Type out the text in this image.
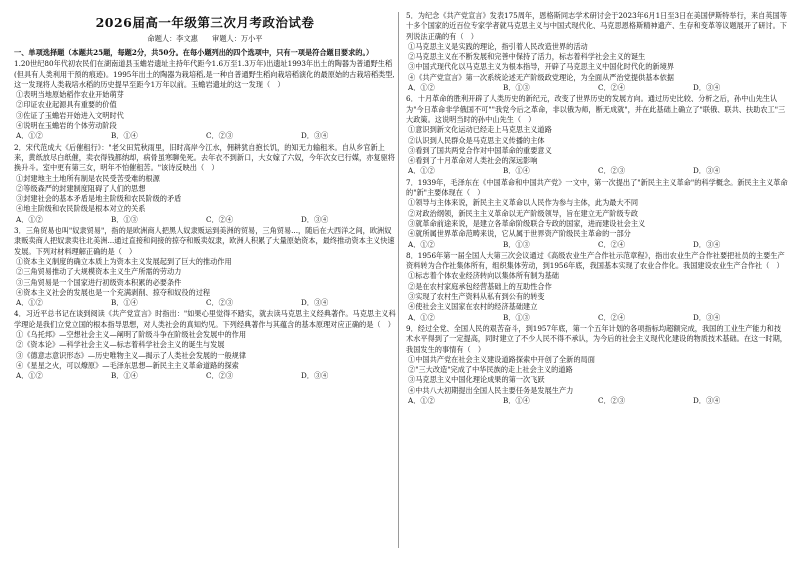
2026届高一年级第三次月考政治试卷
命题人：李文惠 审题人：万小平
一、单项选择题（本题共25题，每题2分，共50分。在每小题列出的四个选项中，只有一项是符合题目要求的。）

1.20世纪80年代初农民们在湖南道县玉蟾岩遗址主持年代距今1.6万至1.3万年)出遗址1993年出土的陶器为普通野生稻(但具有人类利用干预的痕迹)。1995年出土的陶器为栽培稻,是一种自普通野生稻向栽培稻演化的最原始的古栽培稻类型,这一发现将人类栽培水稻的历史提早至距今1万年以前。玉蟾岩遗址的这一发现（　）

①表明当地原始稻作农业开始萌芽

②印证农业起源具有重要的价值

③佐证了玉蟾岩开始进入文明时代

④说明在玉蟾岩的个体劳动阶段

A．①②	B．①④	C．②③	D．③④

2．宋代范成大《后催租行》："老父田荒秋雨里，旧时高岸今江水，佣耕犹自抱长饥，的知无力输租米。自从乡官新上来，黄纸放尽白纸催，卖衣得钱都纳却，病骨虽寒聊免死。去年衣不到新口，大女嫁了六奴，今年次女已行媒，亦复驱将换升斗。室中更有第三女，明年不怕催租苦。"该诗反映出（　）

①封建地主土地所有制是农民受苦受难的根源

②等级森严的封建制度阻碍了人们的思想

③封建社会的基本矛盾是地主阶级和农民阶级的矛盾

④地主阶级和农民阶级是根本对立的关系

A．①②	B．①③	C．②④	D．③④

3．三角贸易也叫"奴隶贸易"，指的是欧洲商人把黑人奴隶贩运到美洲的贸易，三角贸易...，随后在大西洋之间，欧洲奴隶贩卖商人把奴隶卖往北美洲...通过直接和间接的掠夺和贩卖奴隶，欧洲人积累了大量原始资本，最终推动资本主义快速发展。下列对材料理解正确的是（　）

①资本主义制度的确立本质上为资本主义发展起到了巨大的推动作用

②三角贸易推动了大规模资本主义生产所需的劳动力

③三角贸易是一个国家进行初级资本积累的必要条件

④资本主义社会的发展也是一个充满剥削、掠夺和奴役的过程

A．①②	B．①④	C．②③	D．③④

4．习近平总书记在谈到阅读《共产党宣言》时指出："如果心里觉得不踏实，就去读马克思主义经典著作。马克思主义科学理论是我们立党立国的根本指导思想，对人类社会的真知灼见。下列经典著作与其蕴含的基本原理对应正确的是（　）

①《乌托邦》—空想社会主义—阐明了阶级斗争在阶级社会发展中的作用

②《资本论》—科学社会主义—标志着科学社会主义的诞生与发展

③《德意志意识形态》—历史唯物主义—揭示了人类社会发展的一般规律

④《星星之火，可以燎原》—毛泽东思想—新民主主义革命道路的探索

A．①②	B．①④	C．②③	D．③④

5．为纪念《共产党宣言》发表175周年，恩格斯同志学术研讨会于2023年6月1日至3日在美国伊斯特举行，来自英国等十多个国家的近百位专家学者就马克思主义与中国式现代化、马克思恩格斯精神遗产、生存和变革等议题展开了研讨。下列说法正确的有（　）

①马克思主义是实践的理论，指引着人民改造世界的活动

②马克思主义在不断发展和完善中保持了活力，标志着科学社会主义的诞生

③中国式现代化以马克思主义为根本指导，开辟了马克思主义中国化时代化的新境界

④《共产党宣言》第一次系统论述无产阶级政党理论，为全面从严治党提供基本依据

A．①②	B．①③	C．②④	D．③④

6．十月革命的胜利开辟了人类历史的新纪元，改变了世界历史的发展方向。通过历史比较、分析之后，孙中山先生认为"今日革命非学俄国不可""我党今后之革命，非以俄为师，断无成就"，并在此基础上确立了"联俄、联共、扶助农工"三大政策。这说明当时的孙中山先生（　）

①意识到新文化运动已经走上马克思主义道路

②认识到人民群众是马克思主义传播的主体

③看到了国共两党合作对中国革命的重要意义

④看到了十月革命对人类社会的深远影响

A．①②	B．①④	C．②③	D．③④

7．1939年，毛泽东在《中国革命和中国共产党》一文中，第一次提出了"新民主主义革命"的科学概念。新民主主义革命的"新"主要体现在（　）

①领导与主体来说，新民主主义革命以人民作为参与主体，此为最大不同

②对政治纲领，新民主主义革命以无产阶级领导，旨在建立无产阶级专政

③就革命前途来说，是建立各革命阶级联合专政的国家，进而建设社会主义

④就所属世界革命范畴来说，它从属于世界资产阶级民主革命的一部分

A．①②	B．①③	C．②④	D．③④

8．1956年第一届全国人大第三次会议通过《高级农业生产合作社示范章程》，指出农业生产合作社要把社员的主要生产资料转为合作社集体所有，组织集体劳动，到1956年底，我国基本实现了农业合作化。我国建设农业生产合作社（　）

①标志着个体农业经济转向以集体所有制为基础

②是在农村家庭承包经营基础上的互助性合作

③实现了农村生产资料从私有到公有的转变

④使社会主义国家在农村的经济基础建立

A．①②	B．①③	C．②④	D．③④

9．经过全党、全国人民的艰苦奋斗，到1957年底，第一个五年计划的各项指标均超额完成，我国的工业生产能力和技术水平得到了一定提高，同时建立了不少人民不得不承认，为今后的社会主义现代化建设的物质技术基础。在这一时期，我国发生的事情有（　）

①中国共产党在社会主义建设道路探索中开创了全新的局面

②"三大改造"完成了中华民族的走上社会主义的道路

③马克思主义中国化理论成果的第一次飞跃

④中共八大初期提出全国人民主要任务是发展生产力

A．①②	B．①④	C．②③	D．③④
